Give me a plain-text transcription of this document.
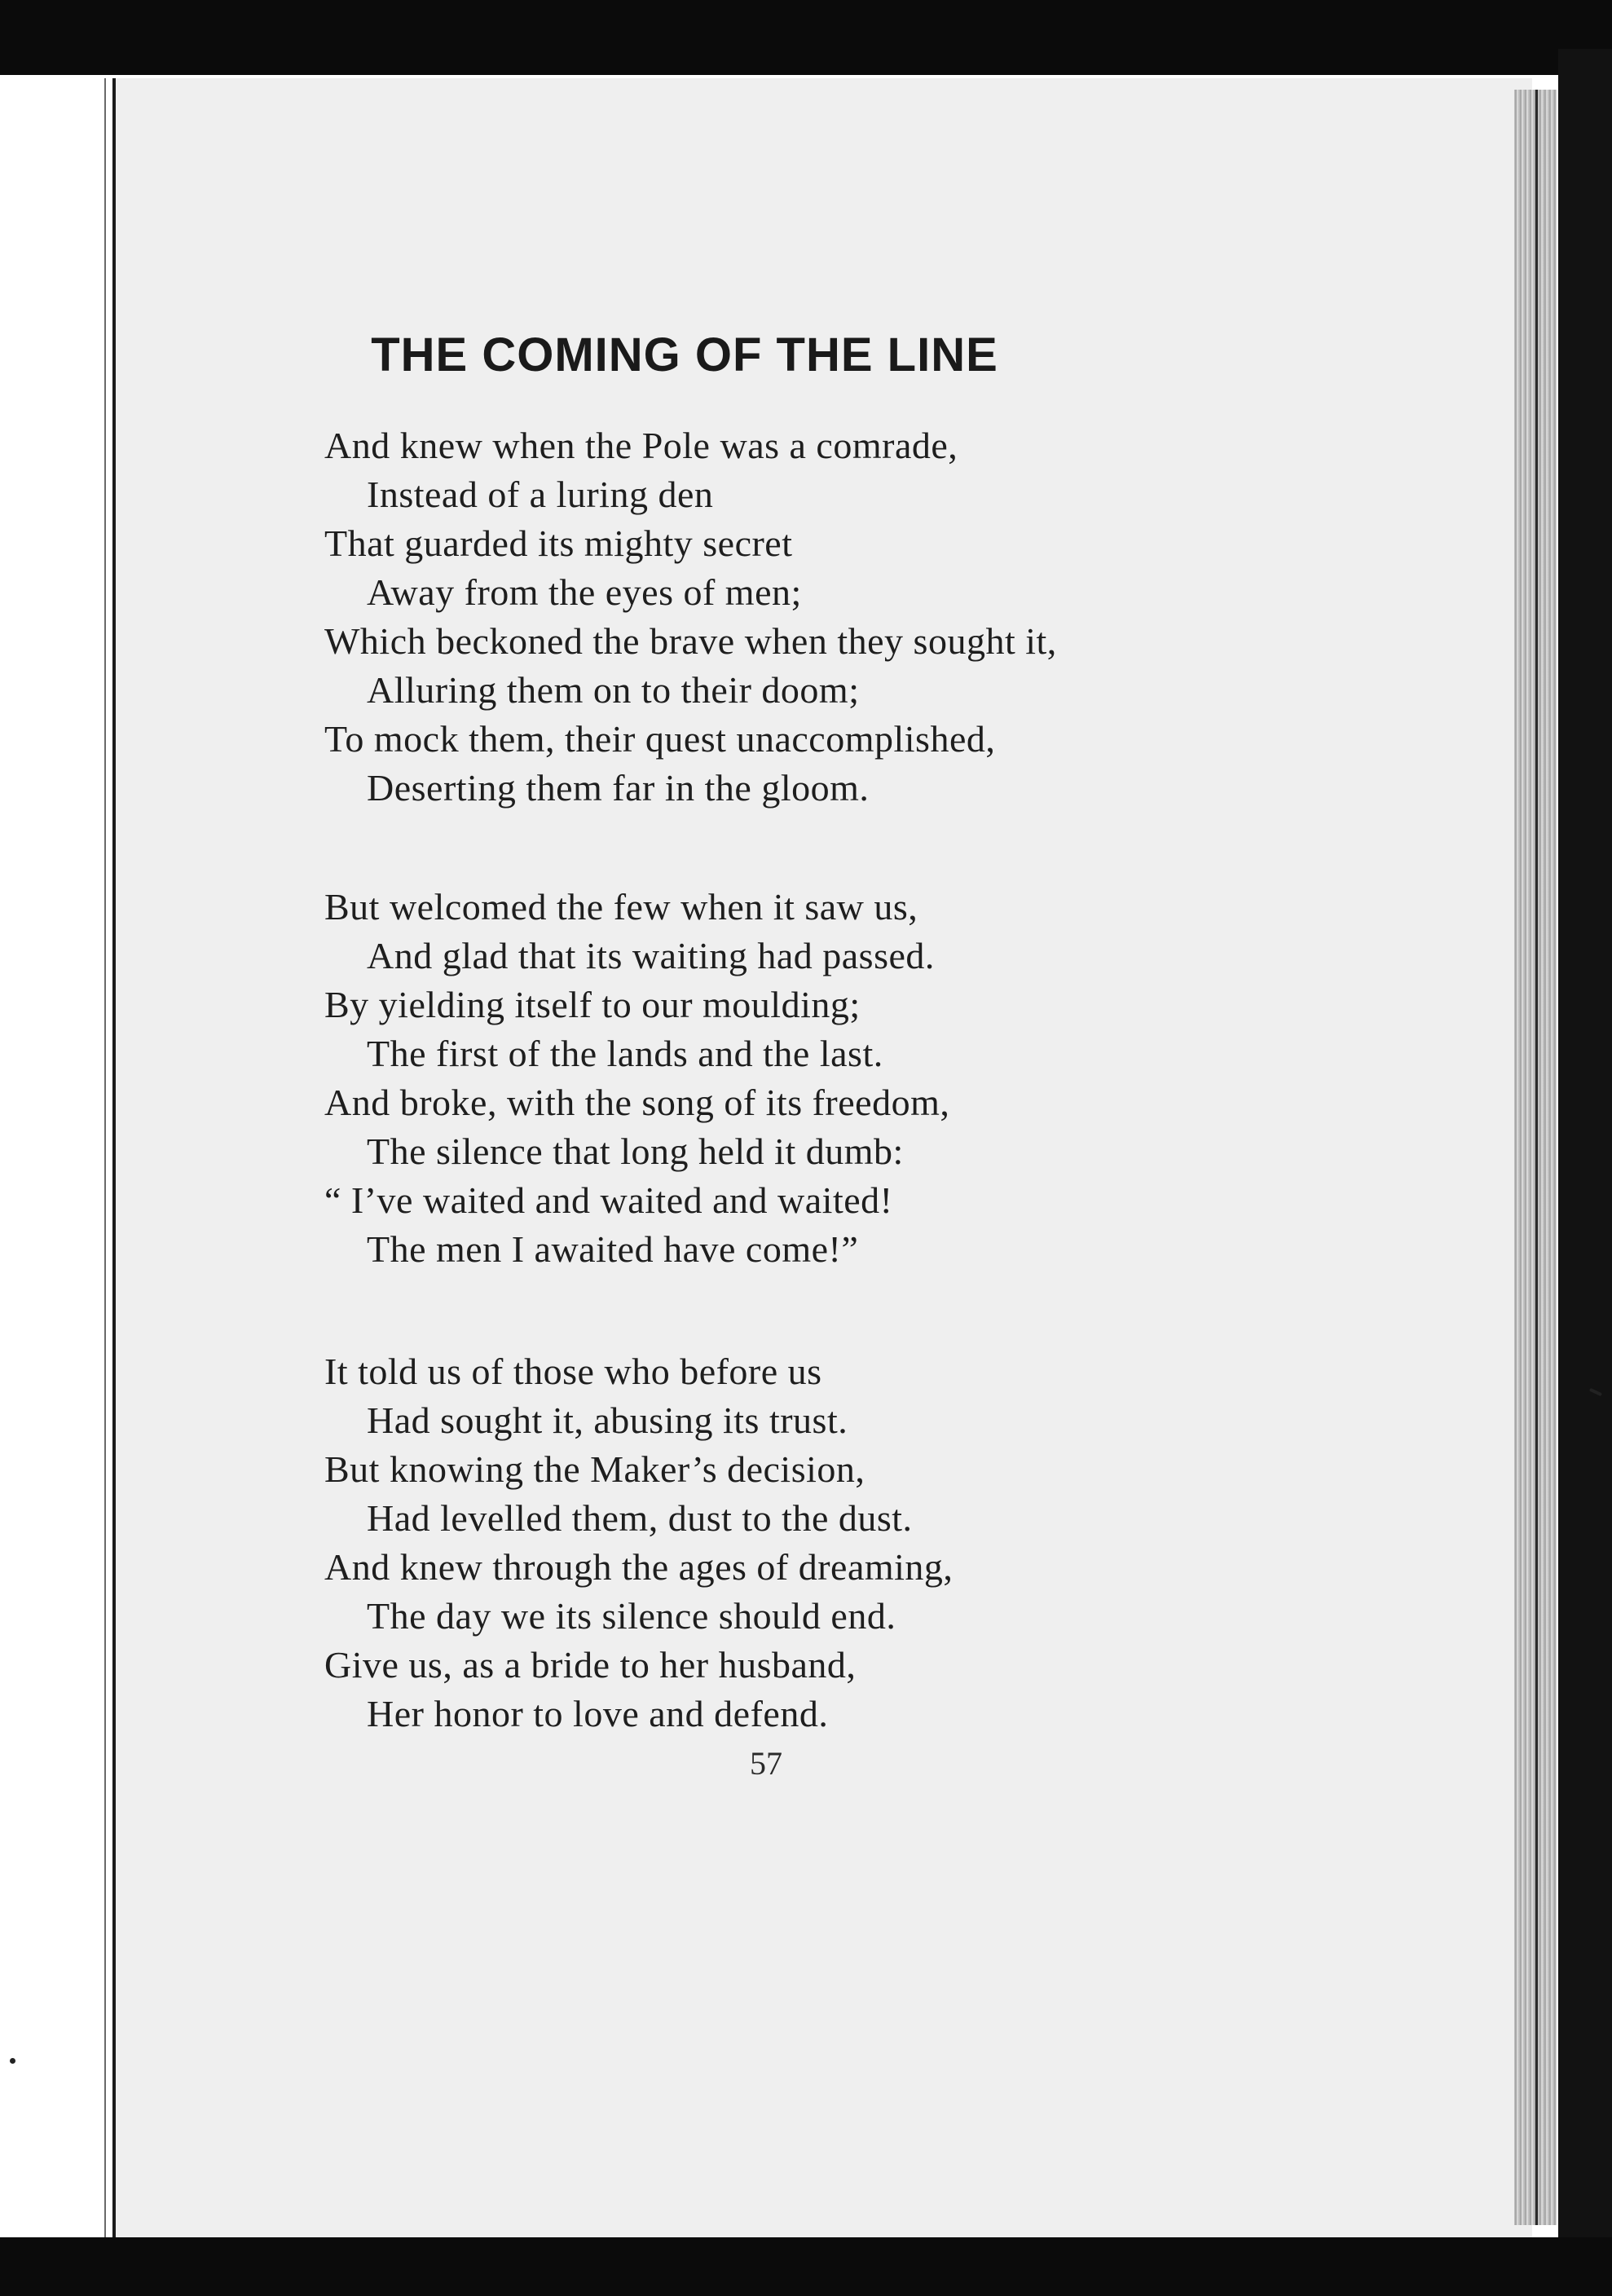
THE COMING OF THE LINE
And knew when the Pole was a comrade,
Instead of a luring den
That guarded its mighty secret
Away from the eyes of men;
Which beckoned the brave when they sought it,
Alluring them on to their doom;
To mock them, their quest unaccomplished,
Deserting them far in the gloom.
But welcomed the few when it saw us,
And glad that its waiting had passed.
By yielding itself to our moulding;
The first of the lands and the last.
And broke, with the song of its freedom,
The silence that long held it dumb:
“ I’ve waited and waited and waited!
The men I awaited have come!”
It told us of those who before us
Had sought it, abusing its trust.
But knowing the Maker’s decision,
Had levelled them, dust to the dust.
And knew through the ages of dreaming,
The day we its silence should end.
Give us, as a bride to her husband,
Her honor to love and defend.
57
